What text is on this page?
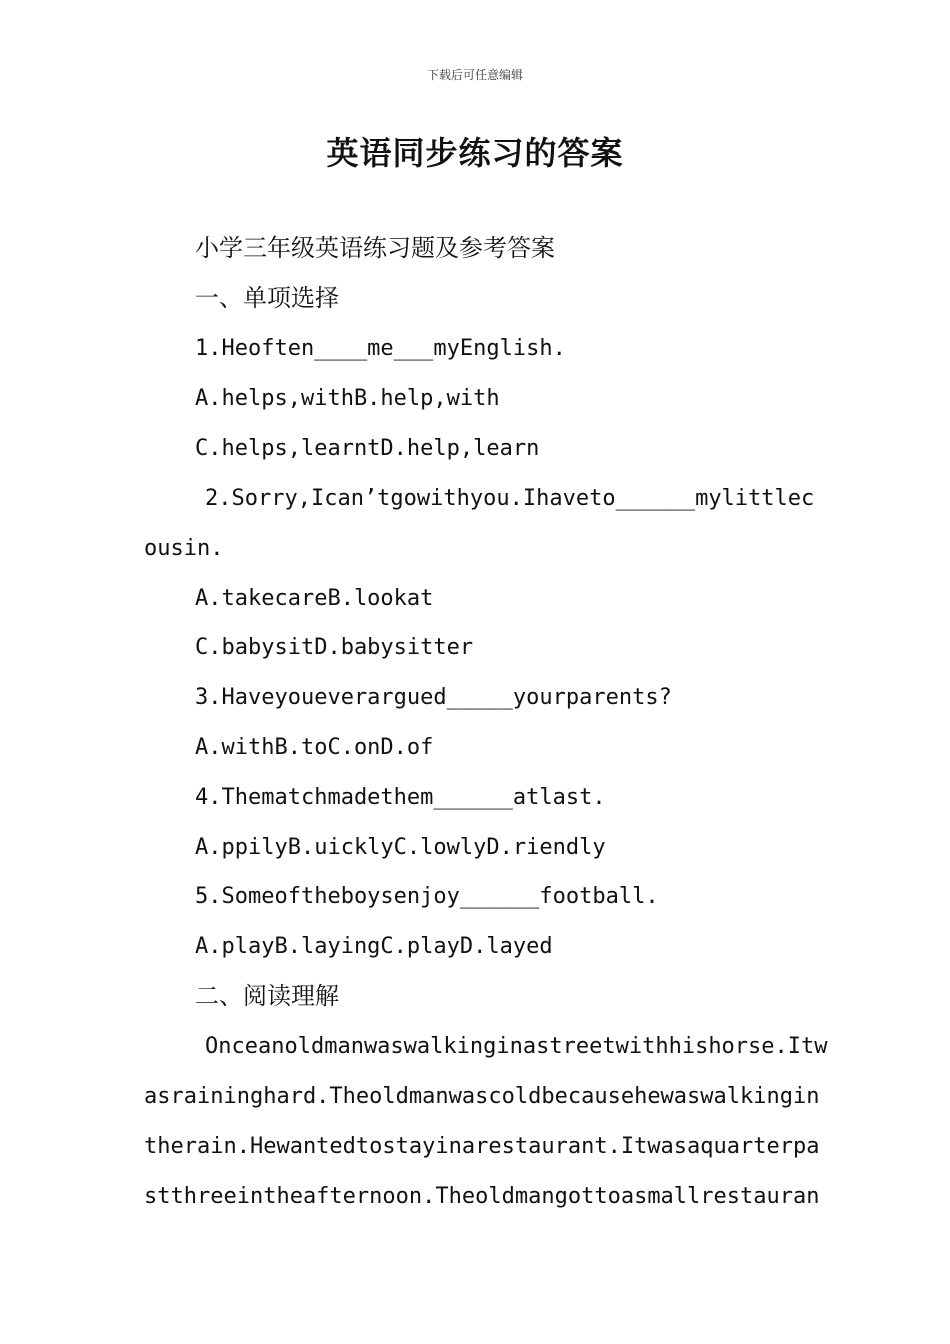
下载后可任意编辑
英语同步练习的答案
小学三年级英语练习题及参考答案
一、单项选择
1.Heoften____me___myEnglish.
A.helps,withB.help,with
C.helps,learntD.help,learn
2.Sorry,Ican’tgowithyou.Ihaveto______mylittlec
ousin.
A.takecareB.lookat
C.babysitD.babysitter
3.Haveyoueverargued_____yourparents?
A.withB.toC.onD.of
4.Thematchmadethem______atlast.
A.ppilyB.uicklyC.lowlyD.riendly
5.Someoftheboysenjoy______football.
A.playB.layingC.playD.layed
二、阅读理解
Onceanoldmanwaswalkinginastreetwithhishorse.Itw
asraininghard.Theoldmanwascoldbecausehewaswalkingin
therain.Hewantedtostayinarestaurant.Itwasaquarterpa
stthreeintheafternoon.Theoldmangottoasmallrestauran
